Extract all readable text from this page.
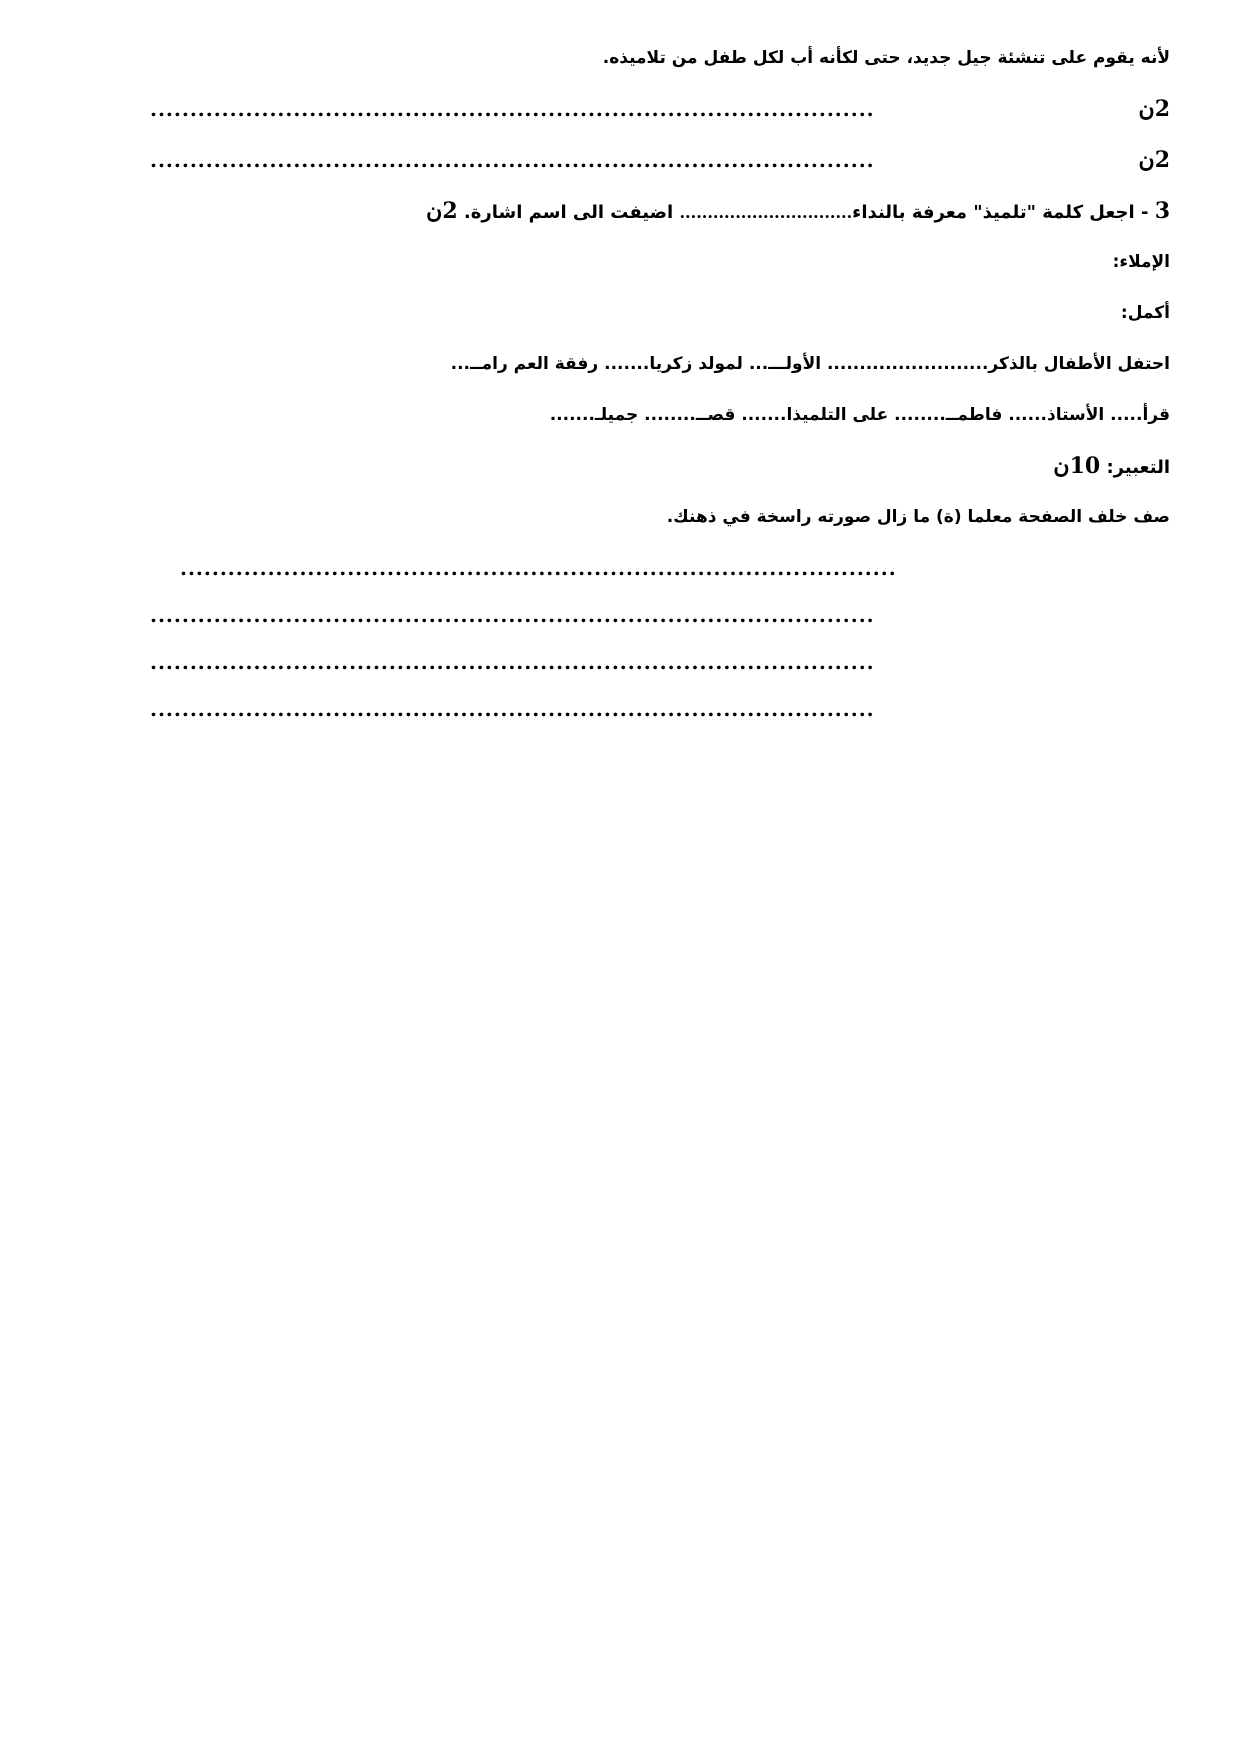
لأنه يقوم على تنشئة جيل جديد، حتى لكأنه أب لكل طفل من تلاميذه.
2ن
...........................................................................................
2ن
...........................................................................................
3 - اجعل كلمة "تلميذ" معرفة بالنداء............................... اضيفت الى اسم اشارة. 2ن
الإملاء:
أكمل:
احتفل الأطفال بالذكر......................... الأولـــ... لمولد زكريا....... رفقة العم رامــ...
قرأ..... الأستاذ...... فاطمــ........ على التلميذا....... قصــ........ جميلـ.......
التعبير: 10ن
صف خلف الصفحة معلما (ة) ما زال صورته راسخة في ذهنك.
..........................................................................................
...........................................................................................
...........................................................................................
...........................................................................................
